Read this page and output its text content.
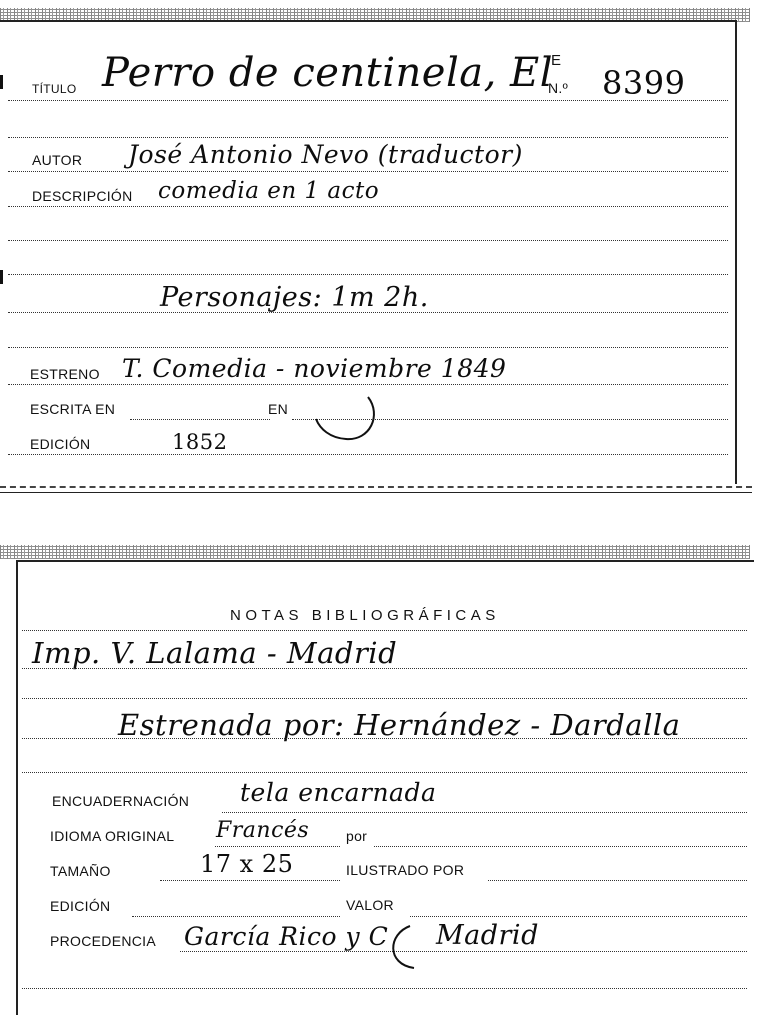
TÍTULO Perro de centinela, El
E
N.º 8399
AUTOR José Antonio Nevo (traductor)
DESCRIPCIÓN comedia en 1 acto
Personajes: 1m 2h.
ESTRENO T. Comedia - noviembre 1849
ESCRITA EN	EN
EDICIÓN	1852
NOTAS BIBLIOGRÁFICAS
Imp. V. Lalama - Madrid
Estrenada por: Hernández - Dardalla
ENCUADERNACIÓN tela encarnada
IDIOMA ORIGINAL Francés	por
TAMAÑO	17 x 25	ILUSTRADO POR
EDICIÓN	VALOR
PROCEDENCIA García Rico y C Madrid
